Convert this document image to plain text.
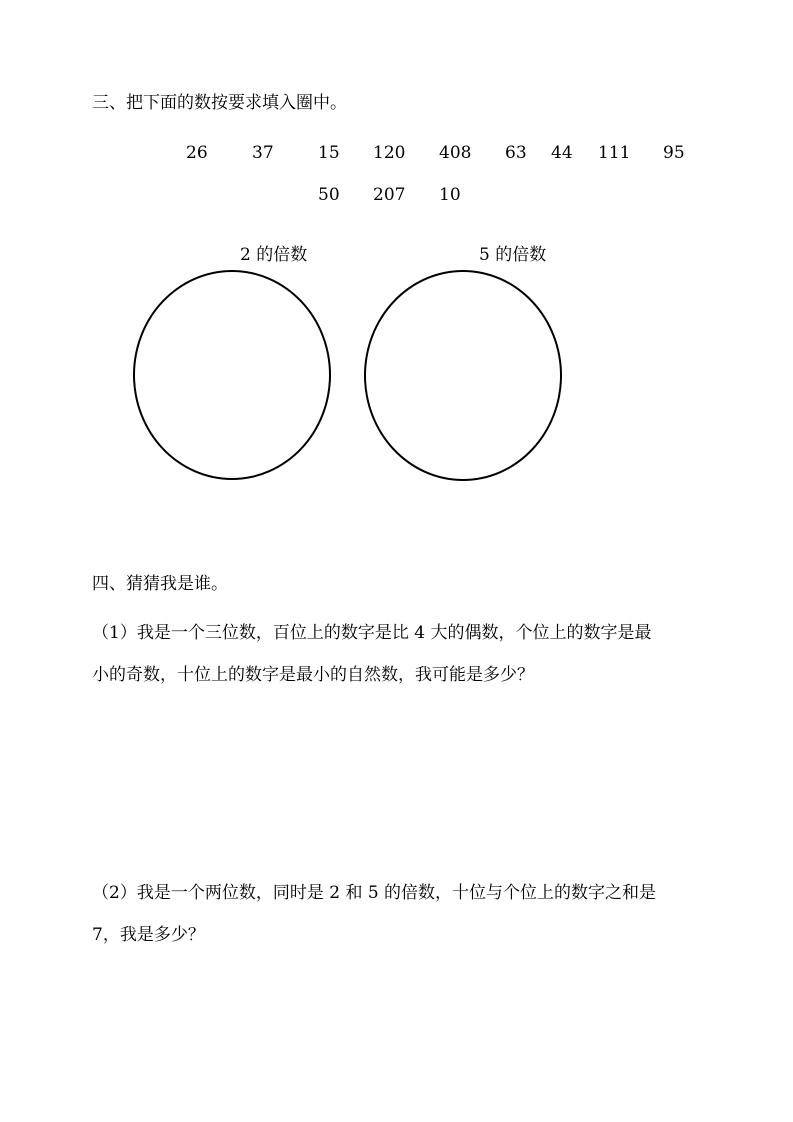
三、把下面的数按要求填入圈中。
26	37	15 120 408 63 44 111 95
50 207 10
2 的倍数	5 的倍数
四、猜猜我是谁。
（1）我是一个三位数，百位上的数字是比 4 大的偶数，个位上的数字是最
小的奇数，十位上的数字是最小的自然数，我可能是多少？
（2）我是一个两位数，同时是 2 和 5 的倍数，十位与个位上的数字之和是
7，我是多少？
